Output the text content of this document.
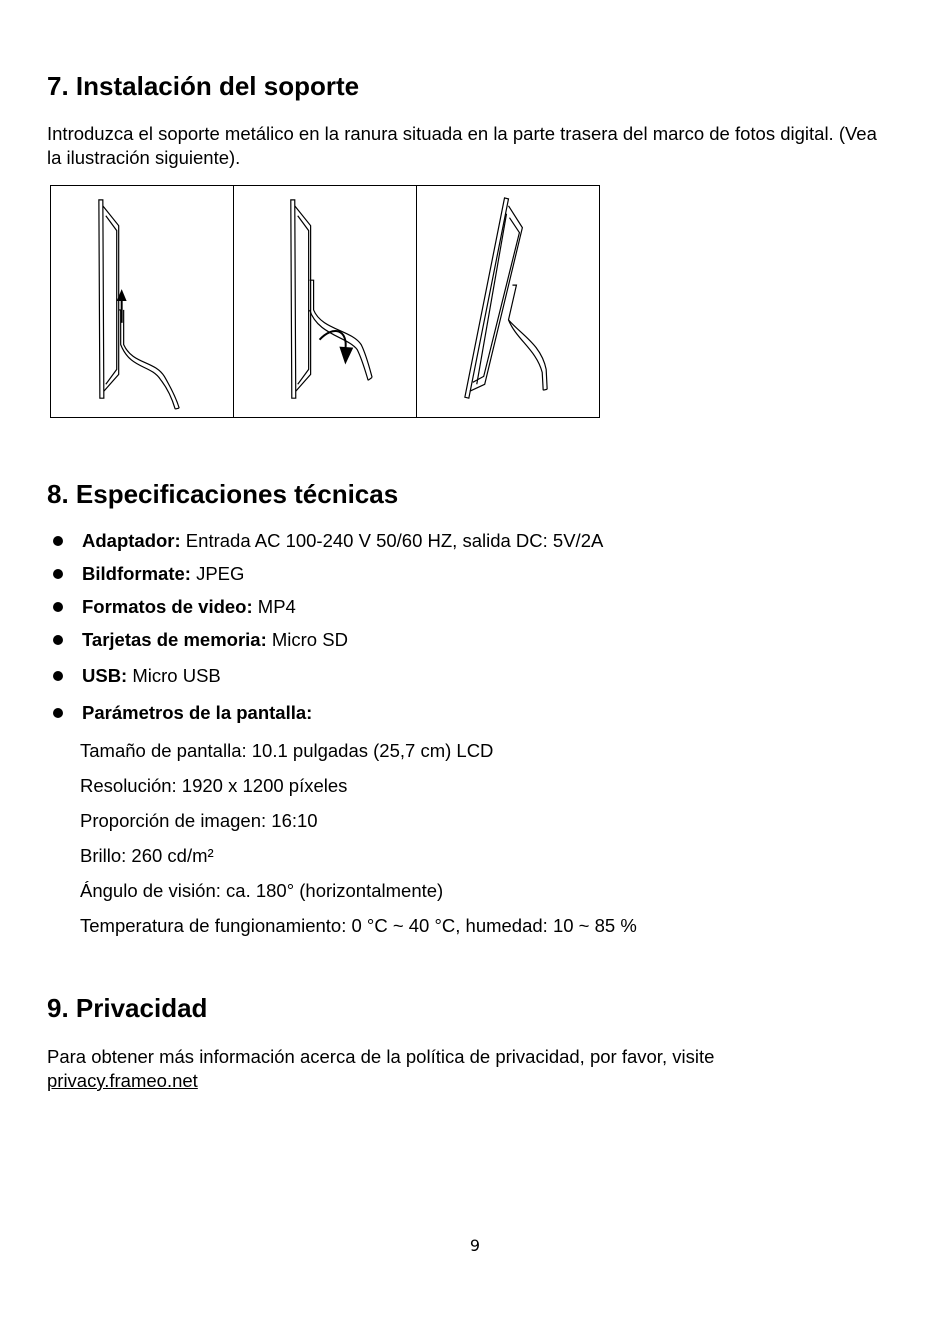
7. Instalación del soporte

Introduzca el soporte metálico en la ranura situada en la parte trasera del marco de fotos digital. (Vea la ilustración siguiente).

8. Especificaciones técnicas
Adaptador: Entrada AC 100-240 V 50/60 HZ, salida DC: 5V/2A
Bildformate: JPEG
Formatos de video: MP4
Tarjetas de memoria: Micro SD
USB: Micro USB
Parámetros de la pantalla:

Tamaño de pantalla: 10.1 pulgadas (25,7 cm) LCD

Resolución: 1920 x 1200 píxeles

Proporción de imagen: 16:10

Brillo: 260 cd/m²

Ángulo de visión: ca. 180° (horizontalmente)

Temperatura de fungionamiento: 0 °C ~ 40 °C, humedad: 10 ~ 85 %

9. Privacidad

Para obtener más información acerca de la política de privacidad, por favor, visite
privacy.frameo.net

9
